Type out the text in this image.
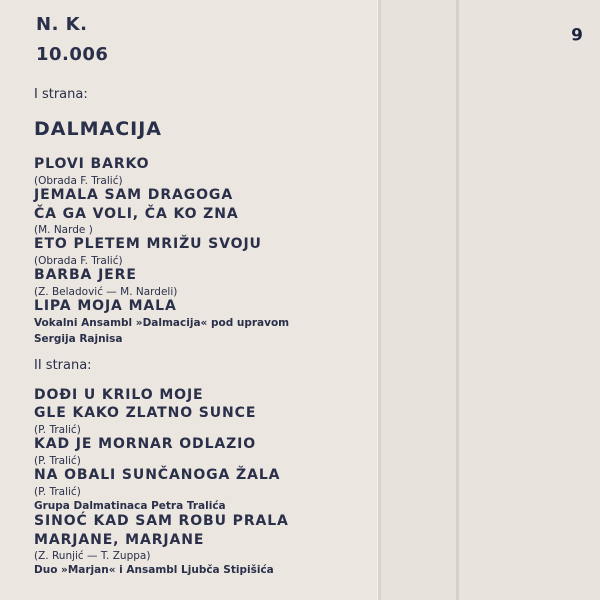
N. K.
10.006
I strana:
DALMACIJA
PLOVI BARKO
(Obrada F. Tralić)
JEMALA SAM DRAGOGA
ČA GA VOLI, ČA KO ZNA
(M. Narde )
ETO PLETEM MRIŽU SVOJU
(Obrada F. Tralić)
BARBA JERE
(Z. Beladović — M. Nardeli)
LIPA MOJA MALA
Vokalni Ansambl »Dalmacija« pod upravom
Sergija Rajnisa
II strana:
DOĐI U KRILO MOJE
GLE KAKO ZLATNO SUNCE
(P. Tralić)
KAD JE MORNAR ODLAZIO
(P. Tralić)
NA OBALI SUNČANOGA ŽALA
(P. Tralić)
Grupa Dalmatinaca Petra Tralića
SINOĆ KAD SAM ROBU PRALA
MARJANE, MARJANE
(Z. Runjić — T. Zuppa)
Duo »Marjan« i Ansambl Ljubča Stipišića
6
